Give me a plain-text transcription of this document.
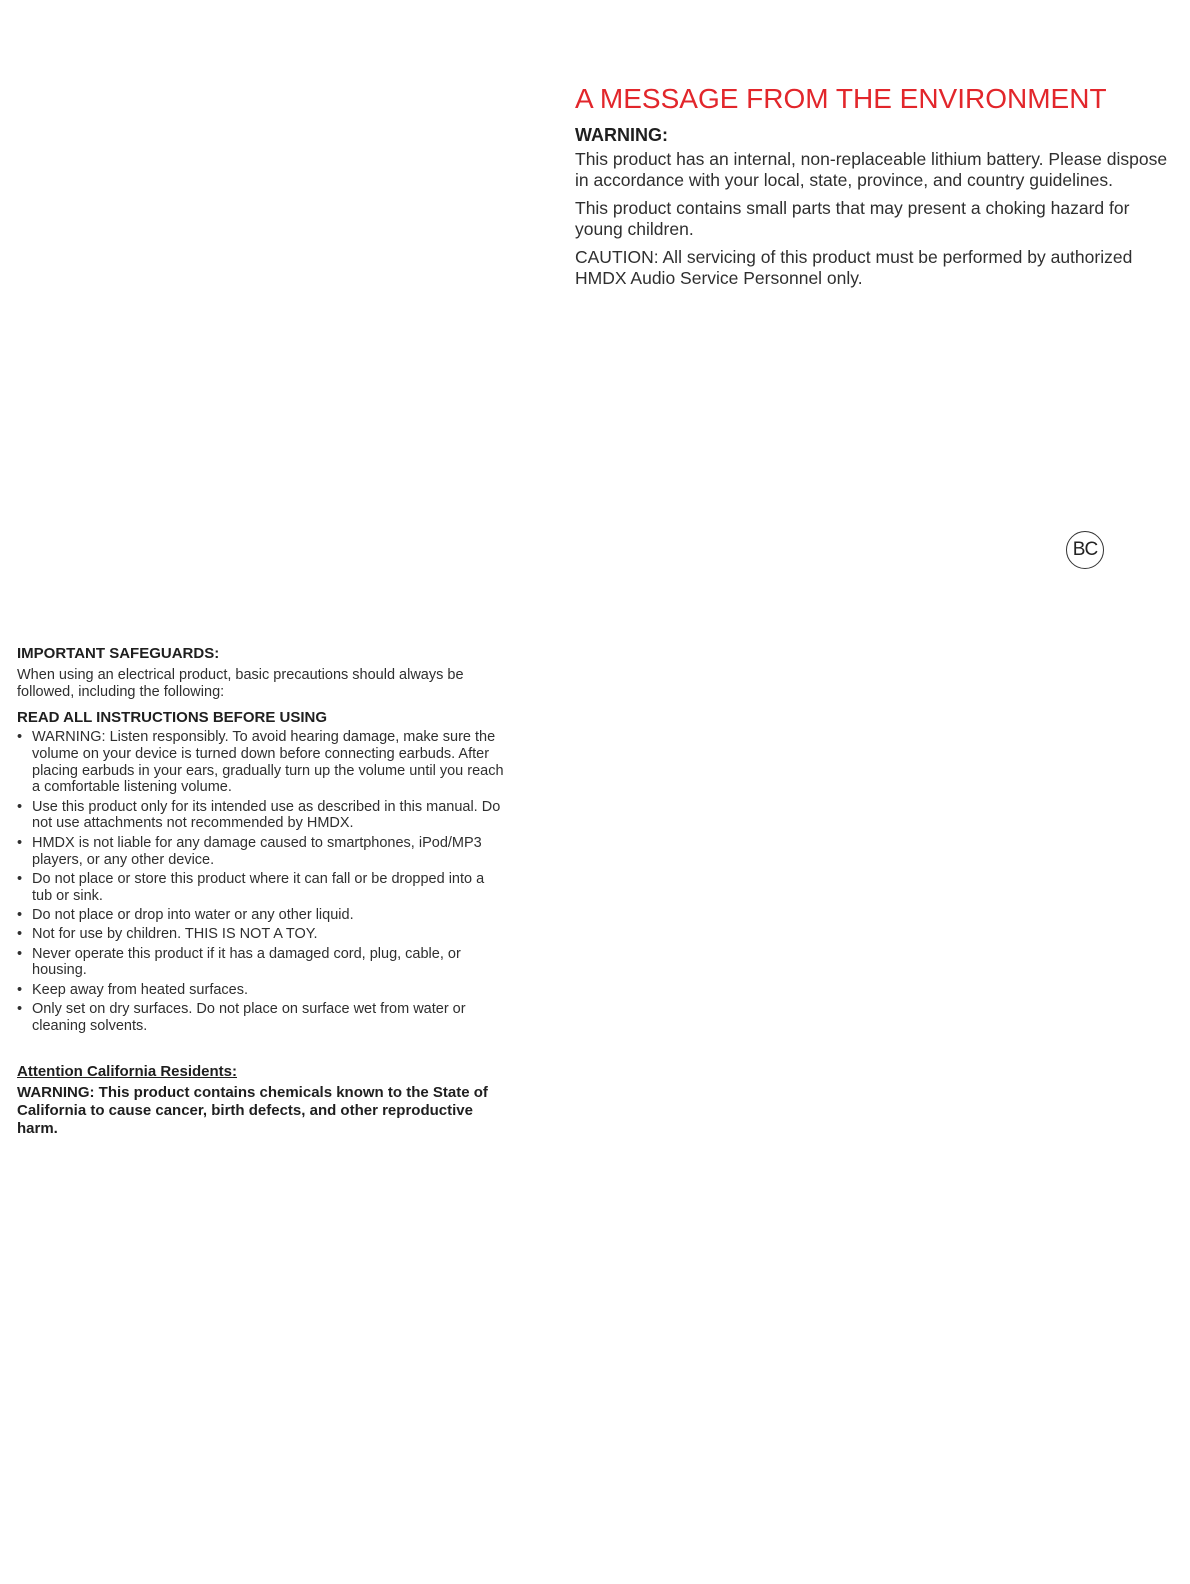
A MESSAGE FROM THE ENVIRONMENT
WARNING:

This product has an internal, non-replaceable lithium battery. Please dispose in accordance with your local, state, province, and country guidelines.

This product contains small parts that may present a choking hazard for young children.

CAUTION: All servicing of this product must be performed by authorized HMDX Audio Service Personnel only.

BC
IMPORTANT SAFEGUARDS:

When using an electrical product, basic precautions should always be followed, including the following:

READ ALL INSTRUCTIONS BEFORE USING
• WARNING: Listen responsibly. To avoid hearing damage, make sure the volume on your device is turned down before connecting earbuds. After placing earbuds in your ears, gradually turn up the volume until you reach a comfortable listening volume.
• Use this product only for its intended use as described in this manual. Do not use attachments not recommended by HMDX.
• HMDX is not liable for any damage caused to smartphones, iPod/MP3 players, or any other device.
• Do not place or store this product where it can fall or be dropped into a tub or sink.
• Do not place or drop into water or any other liquid.
• Not for use by children. THIS IS NOT A TOY.
• Never operate this product if it has a damaged cord, plug, cable, or housing.
• Keep away from heated surfaces.
• Only set on dry surfaces. Do not place on surface wet from water or cleaning solvents.
Attention California Residents:

WARNING: This product contains chemicals known to the State of California to cause cancer, birth defects, and other reproductive harm.
